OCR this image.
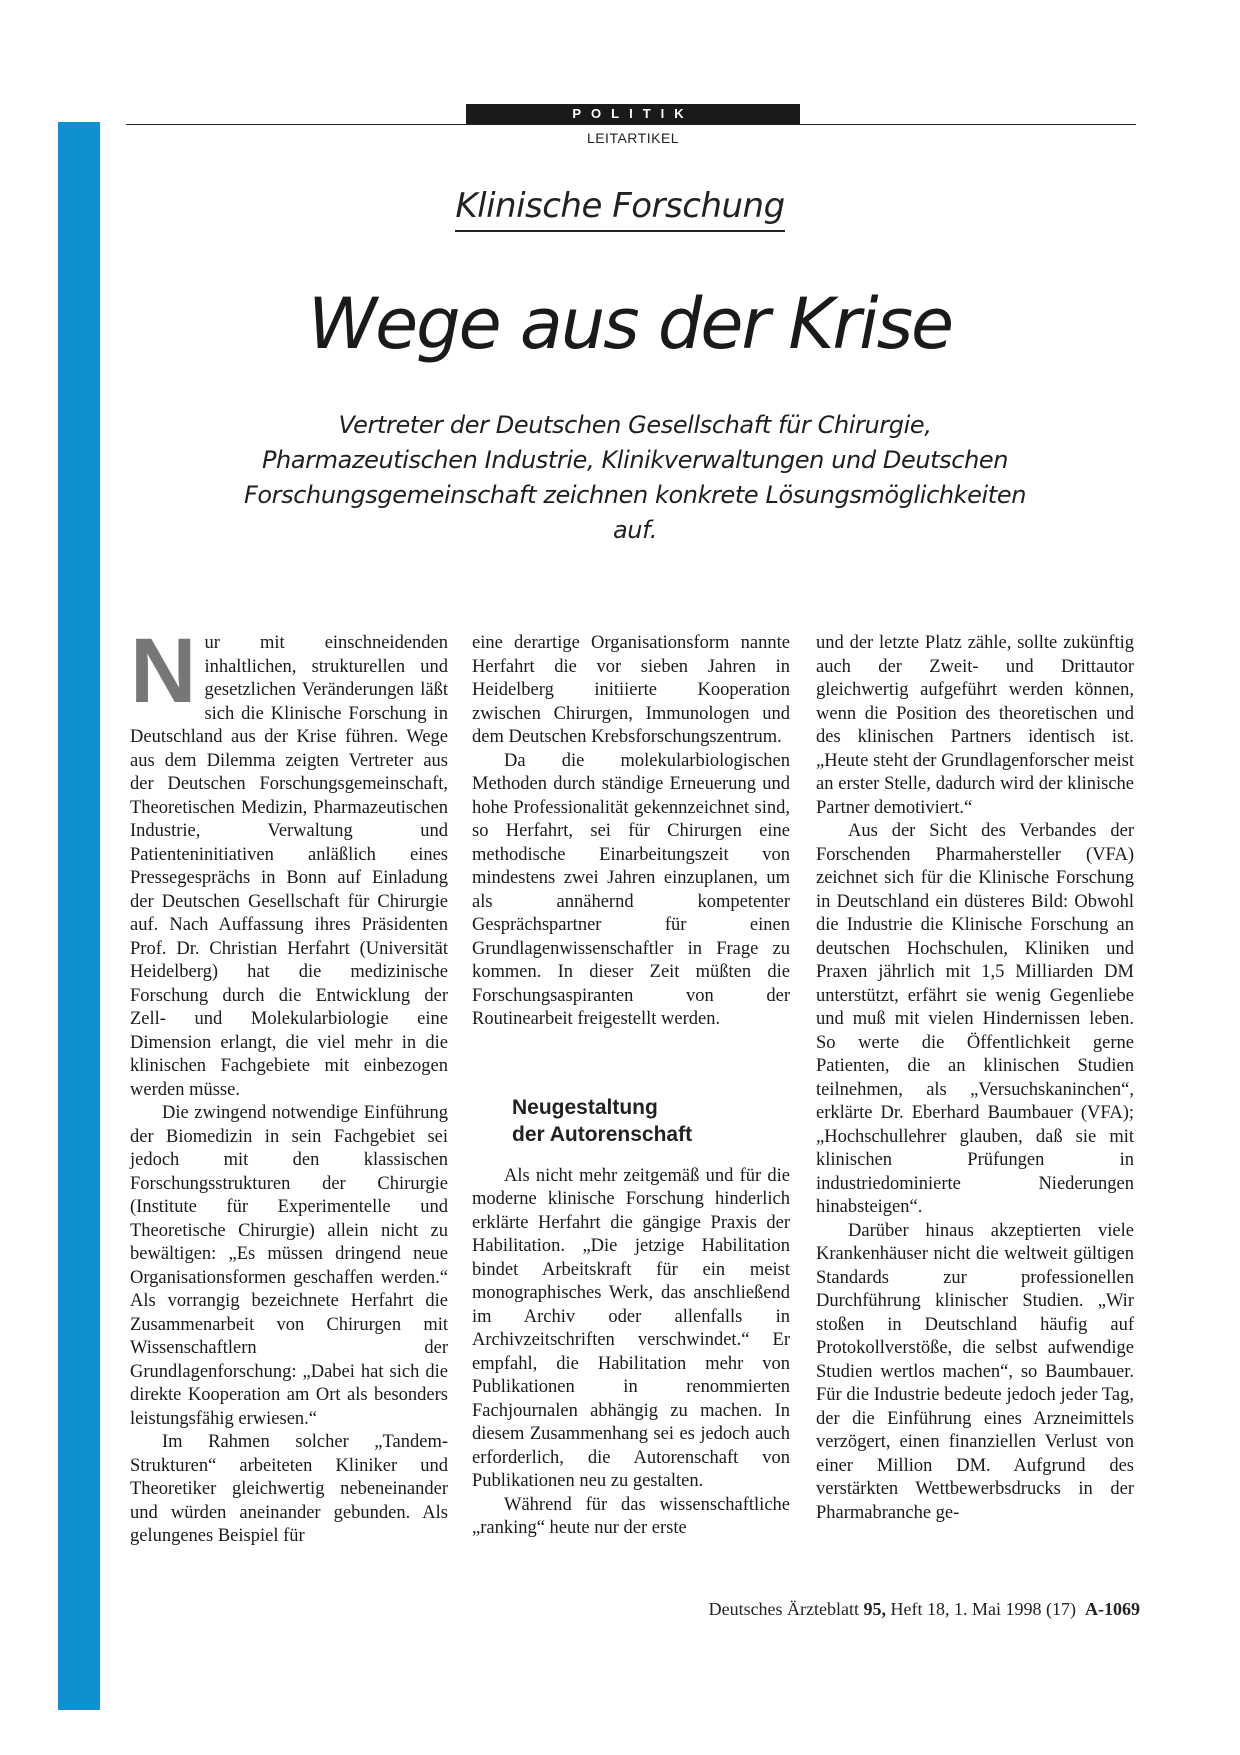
POLITIK
LEITARTIKEL
Klinische Forschung
Wege aus der Krise
Vertreter der Deutschen Gesellschaft für Chirurgie, Pharmazeutischen Industrie, Klinikverwaltungen und Deutschen Forschungsgemeinschaft zeichnen konkrete Lösungsmöglichkeiten auf.

Nur mit einschneidenden inhaltlichen, strukturellen und gesetzlichen Veränderungen läßt sich die Klinische Forschung in Deutschland aus der Krise führen. Wege aus dem Dilemma zeigten Vertreter aus der Deutschen Forschungsgemeinschaft, Theoretischen Medizin, Pharmazeutischen Industrie, Verwaltung und Patienteninitiativen anläßlich eines Pressegesprächs in Bonn auf Einladung der Deutschen Gesellschaft für Chirurgie auf. Nach Auffassung ihres Präsidenten Prof. Dr. Christian Herfahrt (Universität Heidelberg) hat die medizinische Forschung durch die Entwicklung der Zell- und Molekularbiologie eine Dimension erlangt, die viel mehr in die klinischen Fachgebiete mit einbezogen werden müsse.

Die zwingend notwendige Einführung der Biomedizin in sein Fachgebiet sei jedoch mit den klassischen Forschungsstrukturen der Chirurgie (Institute für Experimentelle und Theoretische Chirurgie) allein nicht zu bewältigen: „Es müssen dringend neue Organisationsformen geschaffen werden.“ Als vorrangig bezeichnete Herfahrt die Zusammenarbeit von Chirurgen mit Wissenschaftlern der Grundlagenforschung: „Dabei hat sich die direkte Kooperation am Ort als besonders leistungsfähig erwiesen.“

Im Rahmen solcher „Tandem-Strukturen“ arbeiteten Kliniker und Theoretiker gleichwertig nebeneinander und würden aneinander gebunden. Als gelungenes Beispiel für

eine derartige Organisationsform nannte Herfahrt die vor sieben Jahren in Heidelberg initiierte Kooperation zwischen Chirurgen, Immunologen und dem Deutschen Krebsforschungszentrum.

Da die molekularbiologischen Methoden durch ständige Erneuerung und hohe Professionalität gekennzeichnet sind, so Herfahrt, sei für Chirurgen eine methodische Einarbeitungszeit von mindestens zwei Jahren einzuplanen, um als annähernd kompetenter Gesprächspartner für einen Grundlagenwissenschaftler in Frage zu kommen. In dieser Zeit müßten die Forschungsaspiranten von der Routinearbeit freigestellt werden.

Neugestaltung
der Autorenschaft

Als nicht mehr zeitgemäß und für die moderne klinische Forschung hinderlich erklärte Herfahrt die gängige Praxis der Habilitation. „Die jetzige Habilitation bindet Arbeitskraft für ein meist monographisches Werk, das anschließend im Archiv oder allenfalls in Archivzeitschriften verschwindet.“ Er empfahl, die Habilitation mehr von Publikationen in renommierten Fachjournalen abhängig zu machen. In diesem Zusammenhang sei es jedoch auch erforderlich, die Autorenschaft von Publikationen neu zu gestalten.

Während für das wissenschaftliche „ranking“ heute nur der erste

und der letzte Platz zähle, sollte zukünftig auch der Zweit- und Drittautor gleichwertig aufgeführt werden können, wenn die Position des theoretischen und des klinischen Partners identisch ist. „Heute steht der Grundlagenforscher meist an erster Stelle, dadurch wird der klinische Partner demotiviert.“

Aus der Sicht des Verbandes der Forschenden Pharmahersteller (VFA) zeichnet sich für die Klinische Forschung in Deutschland ein düsteres Bild: Obwohl die Industrie die Klinische Forschung an deutschen Hochschulen, Kliniken und Praxen jährlich mit 1,5 Milliarden DM unterstützt, erfährt sie wenig Gegenliebe und muß mit vielen Hindernissen leben. So werte die Öffentlichkeit gerne Patienten, die an klinischen Studien teilnehmen, als „Versuchskaninchen“, erklärte Dr. Eberhard Baumbauer (VFA); „Hochschullehrer glauben, daß sie mit klinischen Prüfungen in industriedominierte Niederungen hinabsteigen“.

Darüber hinaus akzeptierten viele Krankenhäuser nicht die weltweit gültigen Standards zur professionellen Durchführung klinischer Studien. „Wir stoßen in Deutschland häufig auf Protokollverstöße, die selbst aufwendige Studien wertlos machen“, so Baumbauer. Für die Industrie bedeute jedoch jeder Tag, der die Einführung eines Arzneimittels verzögert, einen finanziellen Verlust von einer Million DM. Aufgrund des verstärkten Wettbewerbsdrucks in der Pharmabranche ge-

Deutsches Ärzteblatt 95, Heft 18, 1. Mai 1998 (17) A-1069
